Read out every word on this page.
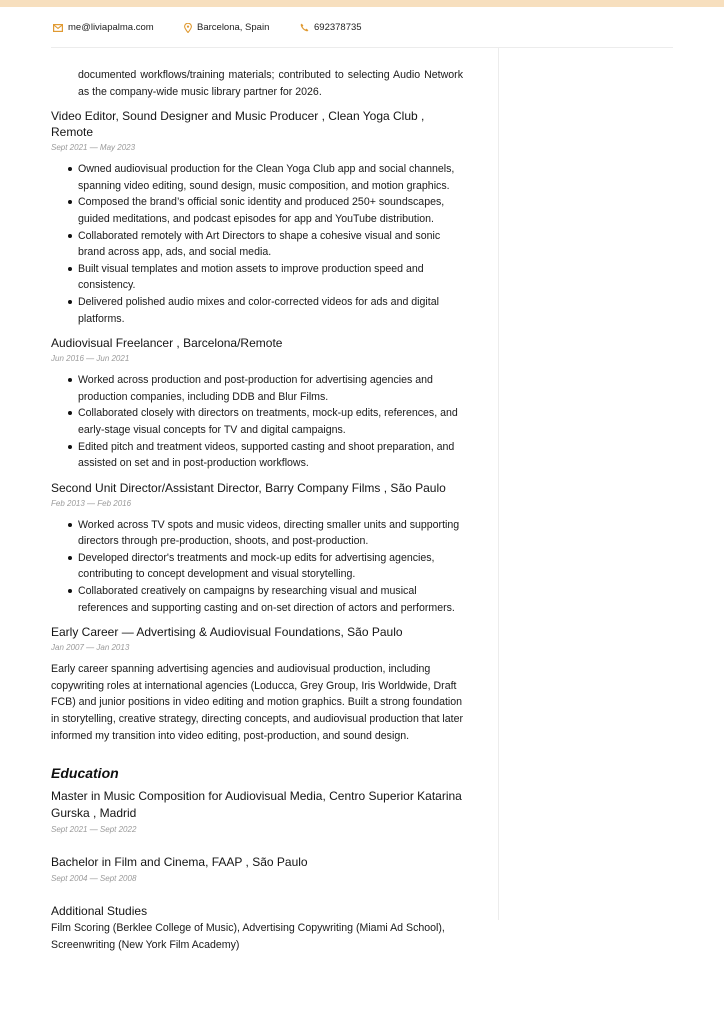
me@liviapalma.com	Barcelona, Spain	692378735

documented workflows/training materials; contributed to selecting Audio Network

as the company-wide music library partner for 2026.

Video Editor, Sound Designer and Music Producer , Clean Yoga Club , Remote
Sept 2021 — May 2023
Owned audiovisual production for the Clean Yoga Club app and social channels, spanning video editing, sound design, music composition, and motion graphics.
Composed the brand’s official sonic identity and produced 250+ soundscapes, guided meditations, and podcast episodes for app and YouTube distribution.
Collaborated remotely with Art Directors to shape a cohesive visual and sonic brand across app, ads, and social media.
Built visual templates and motion assets to improve production speed and consistency.
Delivered polished audio mixes and color-corrected videos for ads and digital platforms.
Audiovisual Freelancer , Barcelona/Remote
Jun 2016 — Jun 2021
Worked across production and post-production for advertising agencies and production companies, including DDB and Blur Films.
Collaborated closely with directors on treatments, mock-up edits, references, and early-stage visual concepts for TV and digital campaigns.
Edited pitch and treatment videos, supported casting and shoot preparation, and assisted on set and in post-production workflows.
Second Unit Director/Assistant Director, Barry Company Films , São Paulo
Feb 2013 — Feb 2016
Worked across TV spots and music videos, directing smaller units and supporting directors through pre-production, shoots, and post-production.
Developed director's treatments and mock-up edits for advertising agencies, contributing to concept development and visual storytelling.
Collaborated creatively on campaigns by researching visual and musical references and supporting casting and on-set direction of actors and performers.
Early Career — Advertising & Audiovisual Foundations, São Paulo
Jan 2007 — Jan 2013

Early career spanning advertising agencies and audiovisual production, including copywriting roles at international agencies (Loducca, Grey Group, Iris Worldwide, Draft FCB) and junior positions in video editing and motion graphics. Built a strong foundation in storytelling, creative strategy, directing concepts, and audiovisual production that later informed my transition into video editing, post-production, and sound design.

Education
Master in Music Composition for Audiovisual Media, Centro Superior Katarina Gurska , Madrid
Sept 2021 — Sept 2022
Bachelor in Film and Cinema, FAAP , São Paulo
Sept 2004 — Sept 2008
Additional Studies

Film Scoring (Berklee College of Music), Advertising Copywriting (Miami Ad School), Screenwriting (New York Film Academy)
